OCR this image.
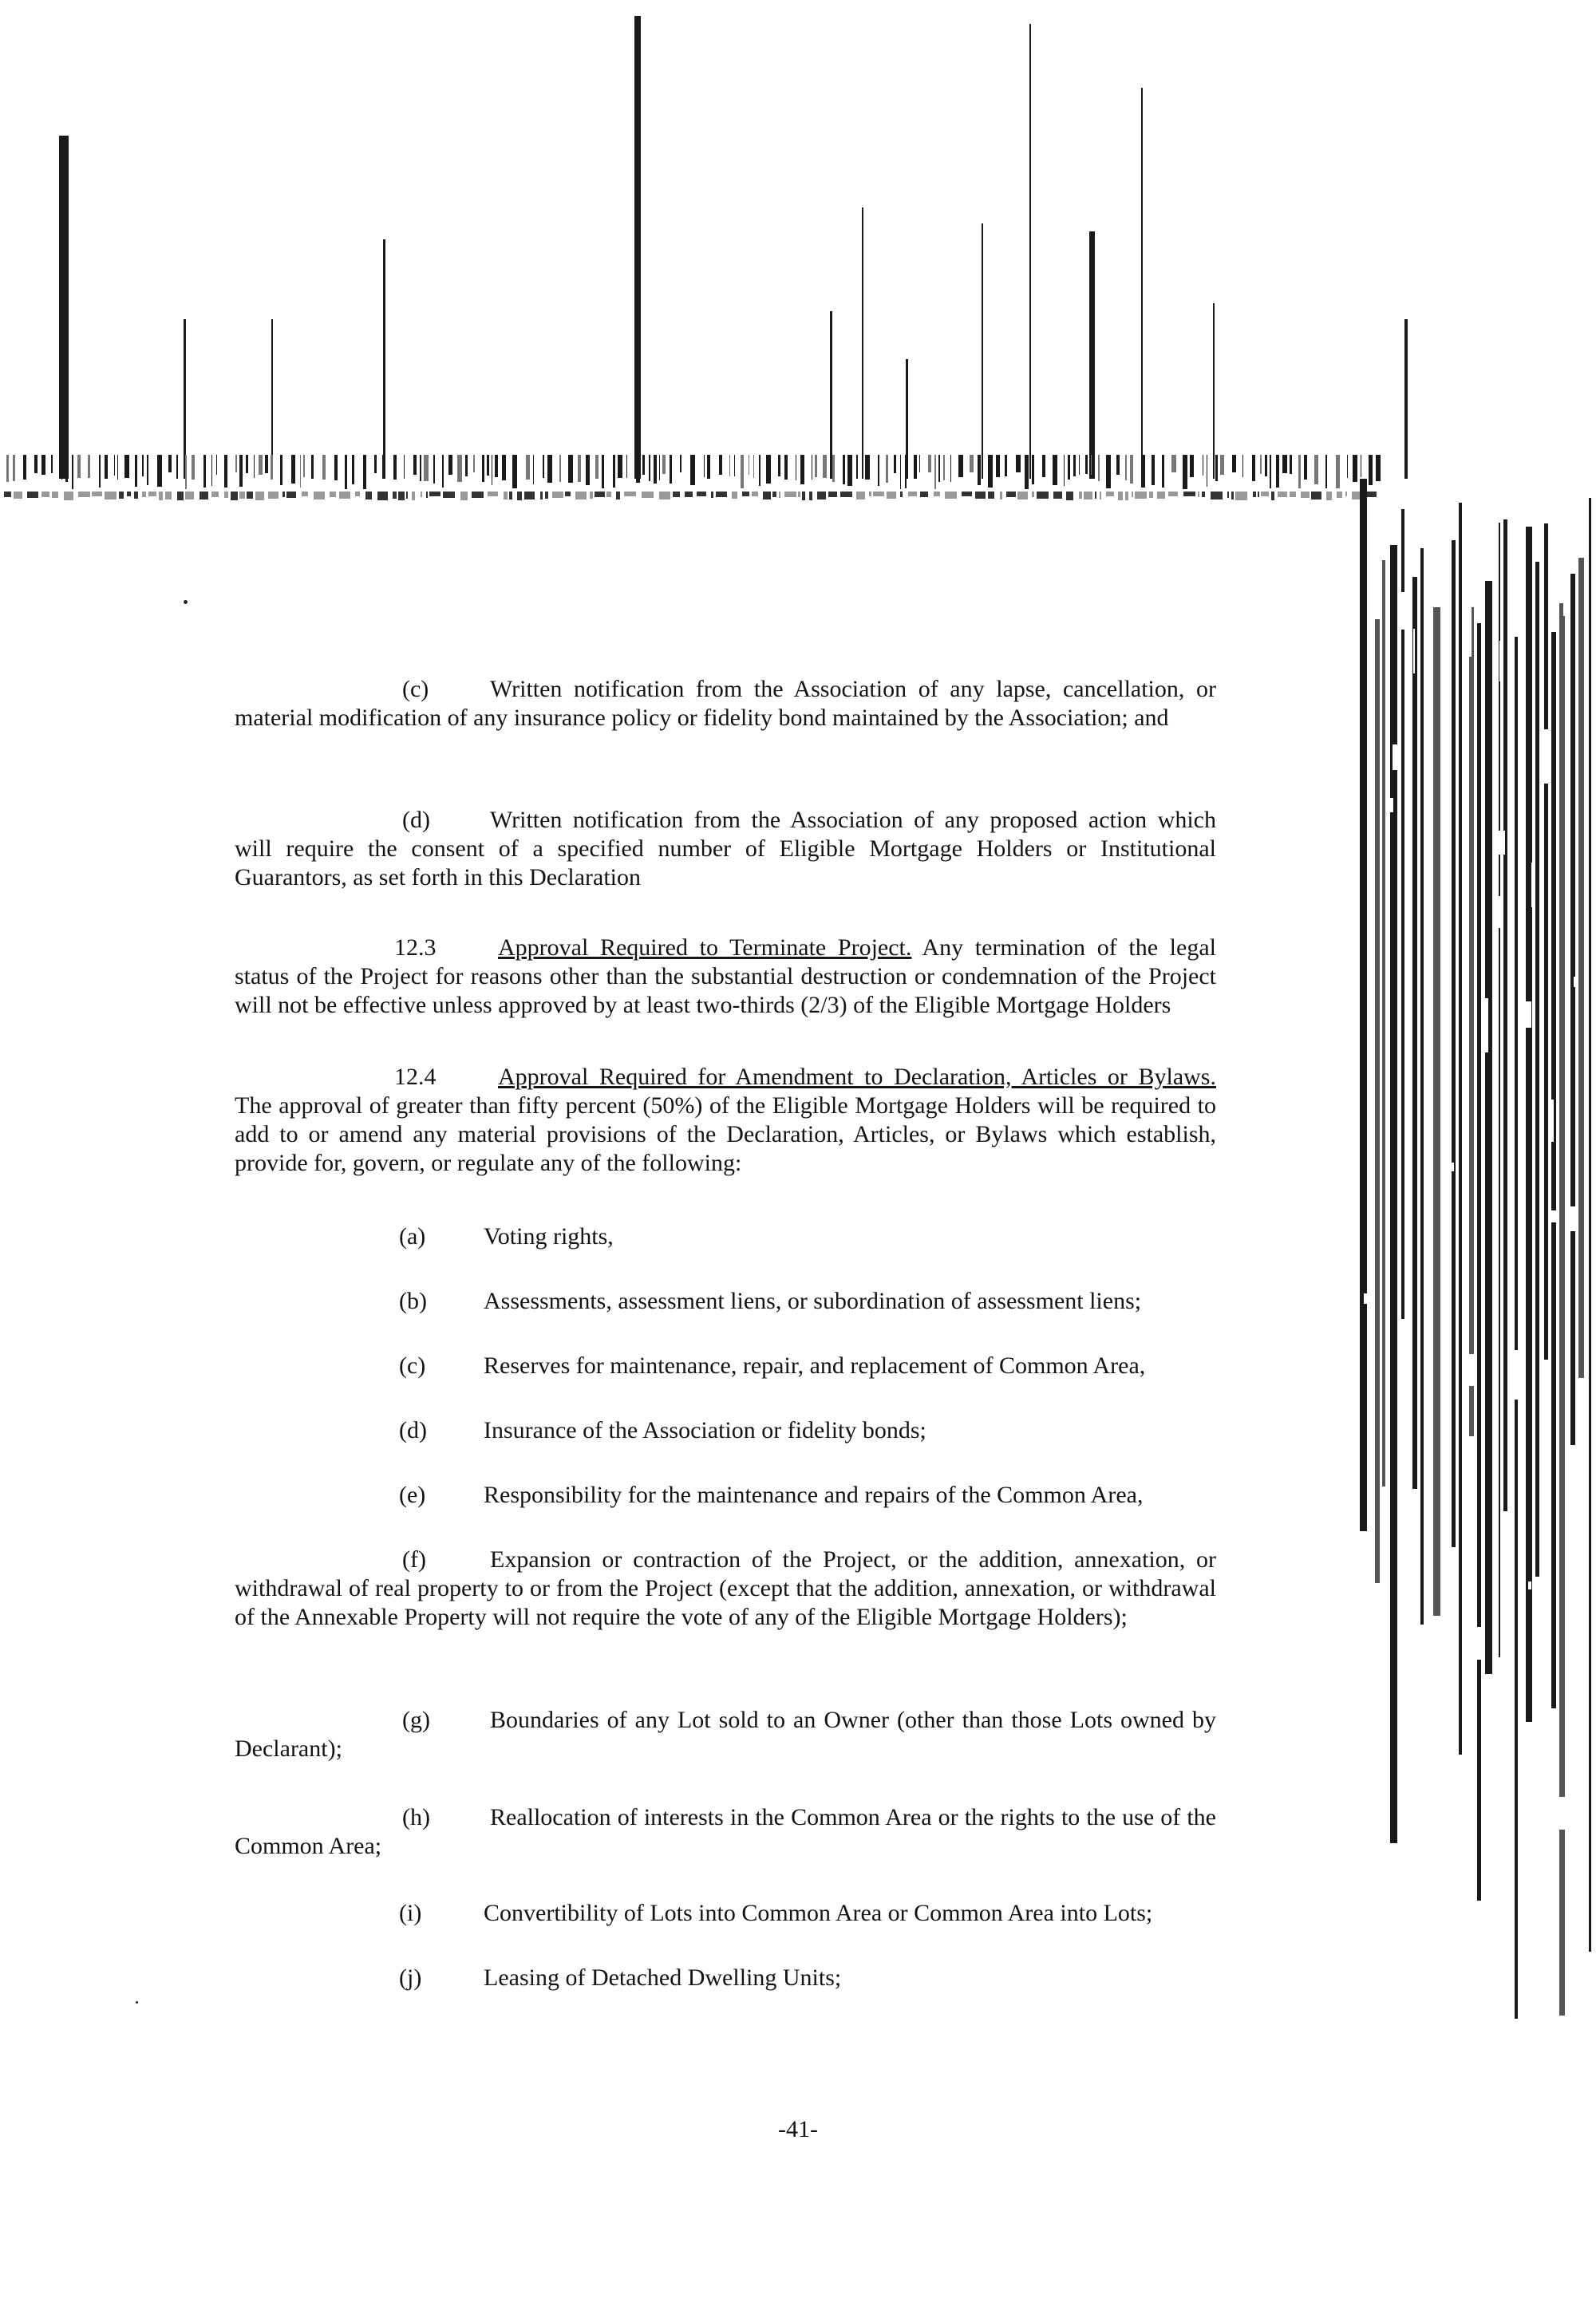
(c)	Written notification from the Association of any lapse, cancellation, or material modification of any insurance policy or fidelity bond maintained by the Association; and

(d)	Written notification from the Association of any proposed action which will require the consent of a specified number of Eligible Mortgage Holders or Institutional Guarantors, as set forth in this Declaration

12.3	Approval Required to Terminate Project. Any termination of the legal status of the Project for reasons other than the substantial destruction or condemnation of the Project will not be effective unless approved by at least two-thirds (2/3) of the Eligible Mortgage Holders

12.4	Approval Required for Amendment to Declaration, Articles or Bylaws. The approval of greater than fifty percent (50%) of the Eligible Mortgage Holders will be required to add to or amend any material provisions of the Declaration, Articles, or Bylaws which establish, provide for, govern, or regulate any of the following:

(a) Voting rights,
(b) Assessments, assessment liens, or subordination of assessment liens;
(c) Reserves for maintenance, repair, and replacement of Common Area,
(d) Insurance of the Association or fidelity bonds;
(e) Responsibility for the maintenance and repairs of the Common Area,

(f)	Expansion or contraction of the Project, or the addition, annexation, or withdrawal of real property to or from the Project (except that the addition, annexation, or withdrawal of the Annexable Property will not require the vote of any of the Eligible Mortgage Holders);

(g)	Boundaries of any Lot sold to an Owner (other than those Lots owned by Declarant);

(h)	Reallocation of interests in the Common Area or the rights to the use of the Common Area;

(i)	Convertibility of Lots into Common Area or Common Area into Lots;
(j)	Leasing of Detached Dwelling Units;
-41-
